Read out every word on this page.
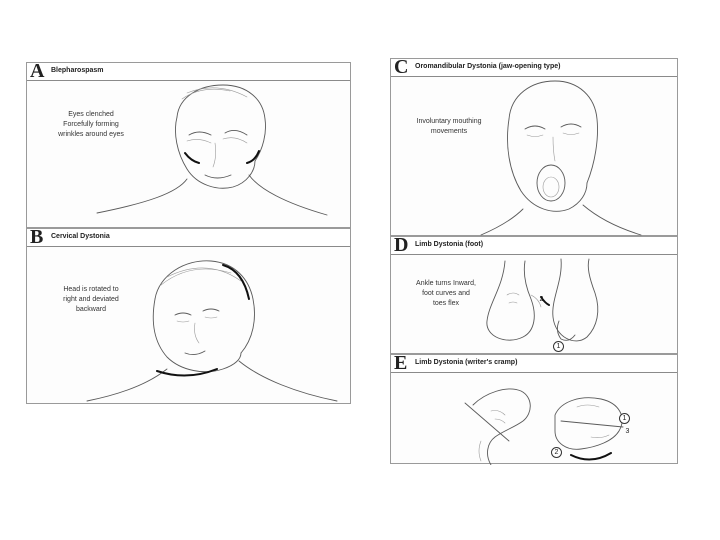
A Blepharospasm
Eyes clenched
Forcefully forming
wrinkles around eyes
B Cervical Dystonia
Head is rotated to
right and deviated
backward
C Oromandibular Dystonia (jaw-opening type)
Involuntary mouthing
movements
D Limb Dystonia (foot)
Ankle turns Inward,
foot curves and
toes flex
2
1
E Limb Dystonia (writer's cramp)
1
2
3
